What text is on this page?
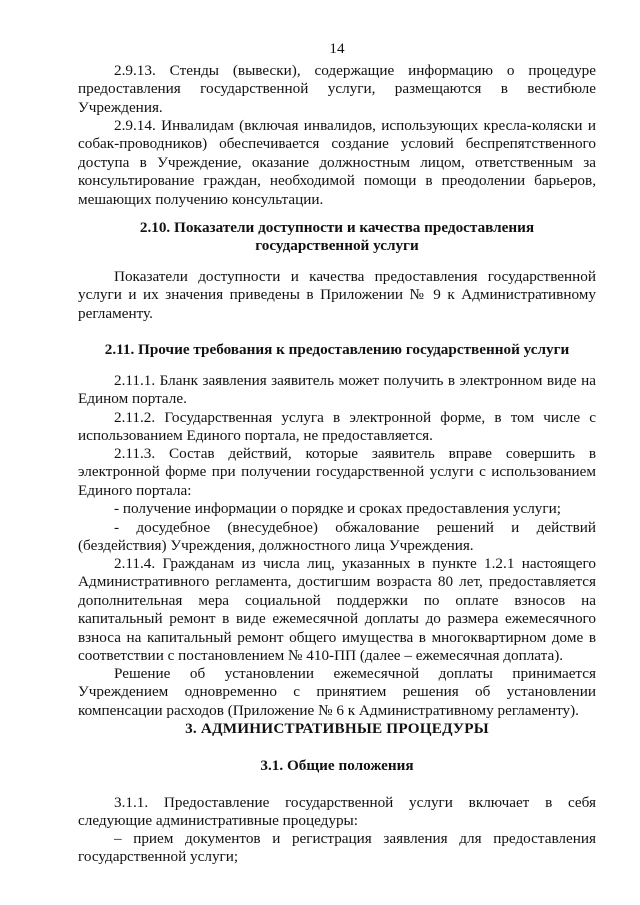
14

2.9.13. Стенды (вывески), содержащие информацию о процедуре предоставления государственной услуги, размещаются в вестибюле Учреждения.

2.9.14. Инвалидам (включая инвалидов, использующих кресла-коляски и собак-проводников) обеспечивается создание условий беспрепятственного доступа в Учреждение, оказание должностным лицом, ответственным за консультирование граждан, необходимой помощи в преодолении барьеров, мешающих получению консультации.

2.10. Показатели доступности и качества предоставления государственной услуги

Показатели доступности и качества предоставления государственной услуги и их значения приведены в Приложении № 9 к Административному регламенту.

2.11. Прочие требования к предоставлению государственной услуги

2.11.1. Бланк заявления заявитель может получить в электронном виде на Едином портале.

2.11.2. Государственная услуга в электронной форме, в том числе с использованием Единого портала, не предоставляется.

2.11.3. Состав действий, которые заявитель вправе совершить в электронной форме при получении государственной услуги с использованием Единого портала:

- получение информации о порядке и сроках предоставления услуги;

- досудебное (внесудебное) обжалование решений и действий (бездействия) Учреждения, должностного лица Учреждения.

2.11.4. Гражданам из числа лиц, указанных в пункте 1.2.1 настоящего Административного регламента, достигшим возраста 80 лет, предоставляется дополнительная мера социальной поддержки по оплате взносов на капитальный ремонт в виде ежемесячной доплаты до размера ежемесячного взноса на капитальный ремонт общего имущества в многоквартирном доме в соответствии с постановлением № 410-ПП (далее – ежемесячная доплата).

Решение об установлении ежемесячной доплаты принимается Учреждением одновременно с принятием решения об установлении компенсации расходов (Приложение № 6 к Административному регламенту).

3. АДМИНИСТРАТИВНЫЕ ПРОЦЕДУРЫ

3.1. Общие положения

3.1.1. Предоставление государственной услуги включает в себя следующие административные процедуры:

– прием документов и регистрация заявления для предоставления государственной услуги;
